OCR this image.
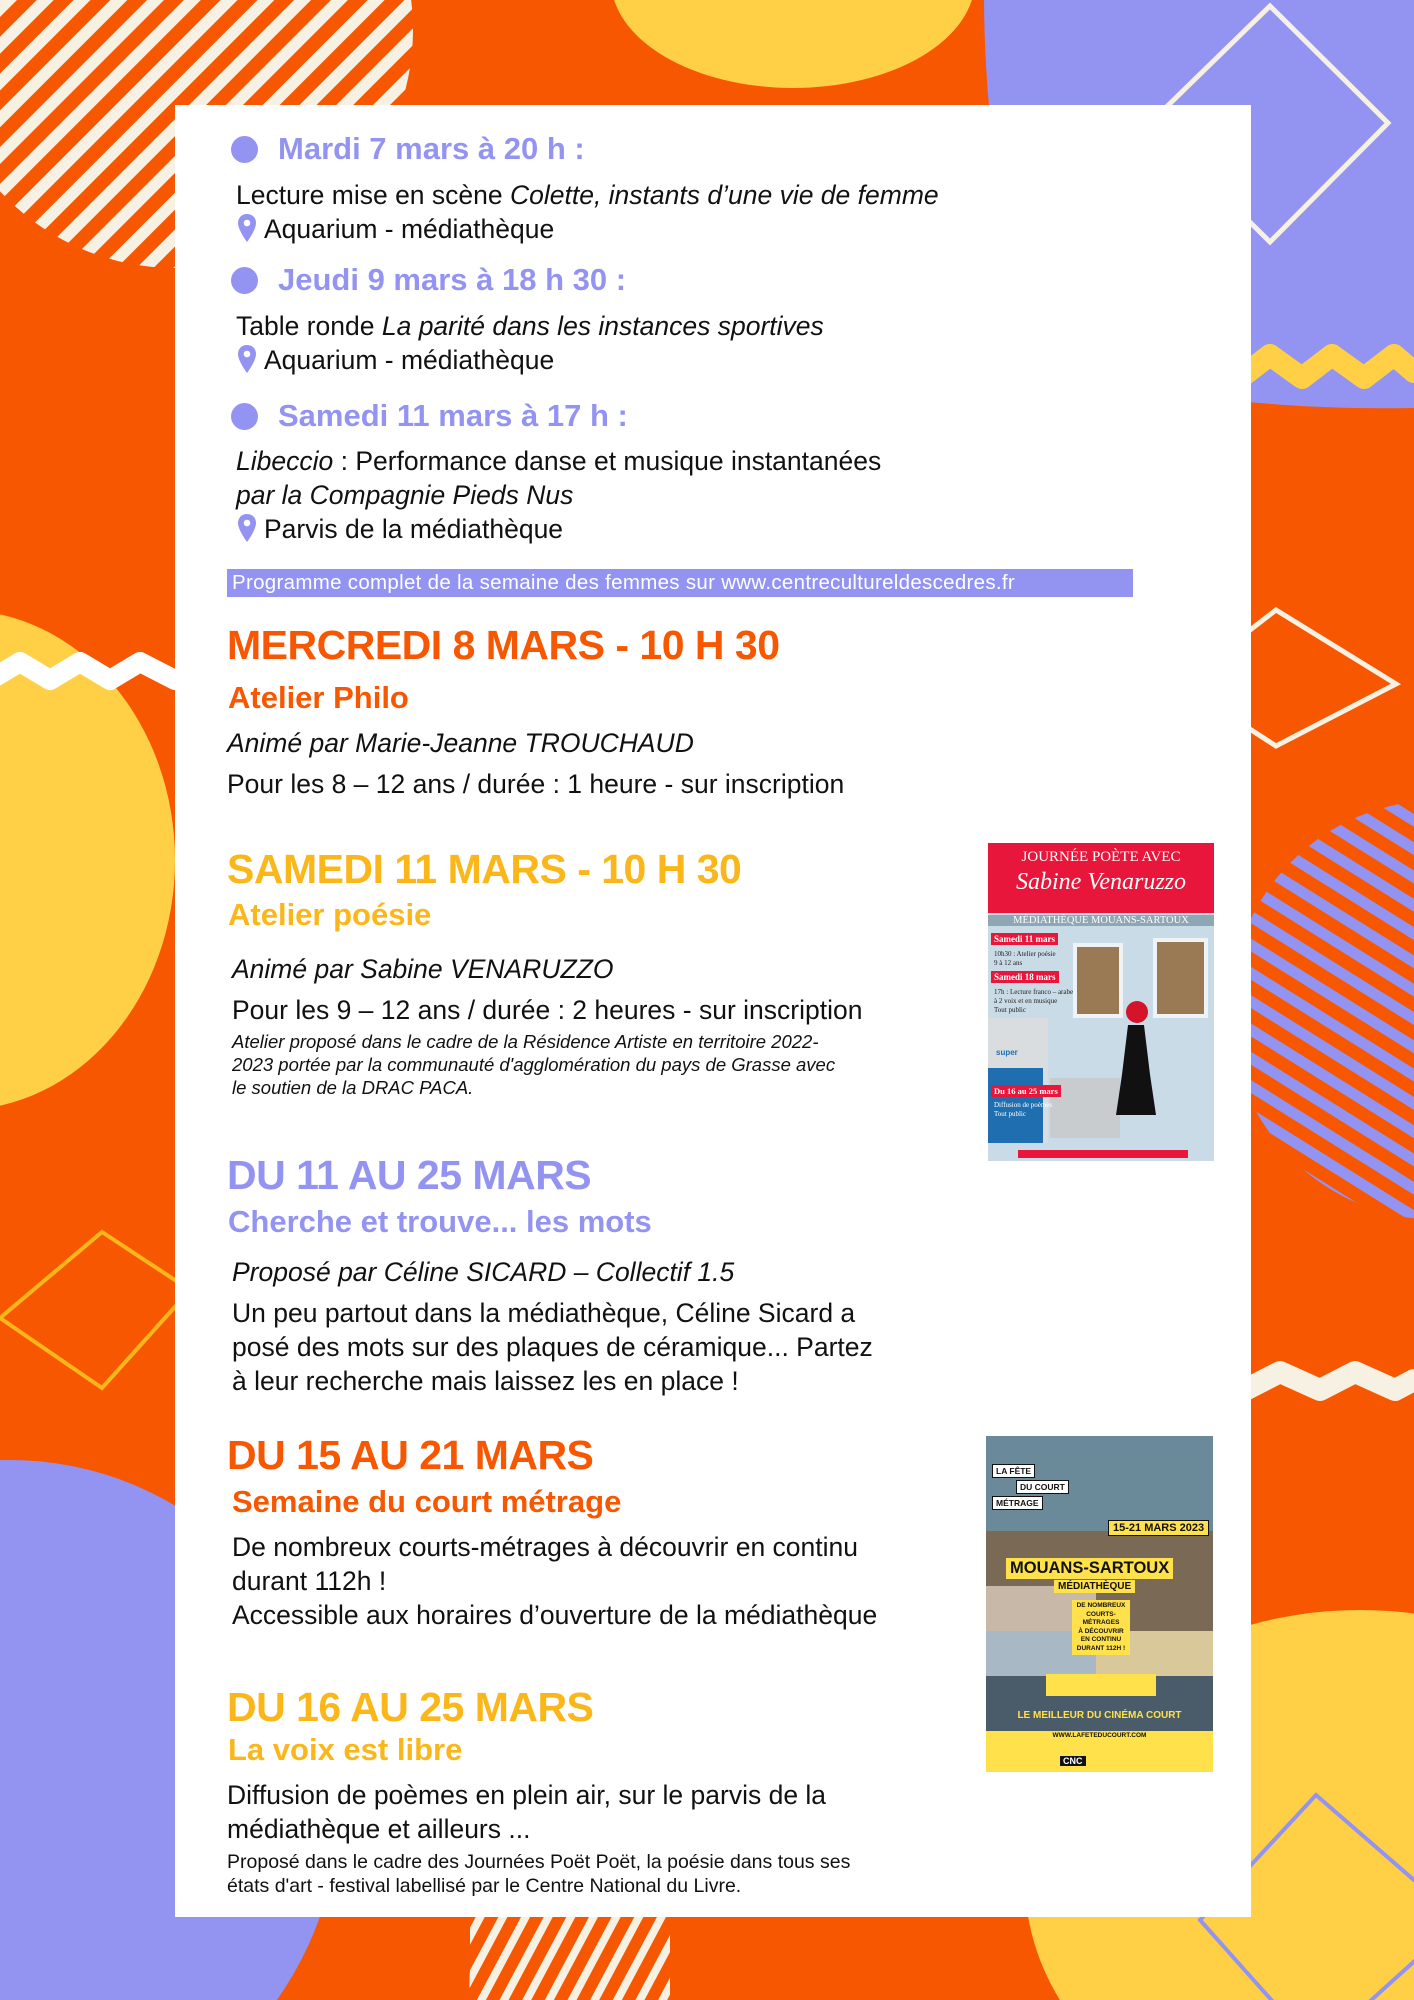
Mardi 7 mars à 20 h :
Lecture mise en scène Colette, instants d’une vie de femme
Aquarium - médiathèque
Jeudi 9 mars à 18 h 30 :
Table ronde La parité dans les instances sportives
Aquarium - médiathèque
Samedi 11 mars à 17 h :
Libeccio : Performance danse et musique instantanées
par la Compagnie Pieds Nus
Parvis de la médiathèque
Programme complet de la semaine des femmes sur www.centrecultureldescedres.fr
MERCREDI 8 MARS - 10 H 30
Atelier Philo
Animé par Marie-Jeanne TROUCHAUD
Pour les 8 – 12 ans / durée : 1 heure - sur inscription
SAMEDI 11 MARS - 10 H 30
Atelier poésie
Animé par Sabine VENARUZZO
Pour les 9 – 12 ans / durée : 2 heures - sur inscription
Atelier proposé dans le cadre de la Résidence Artiste en territoire 2022-
2023 portée par la communauté d'agglomération du pays de Grasse avec
le soutien de la DRAC PACA.
JOURNÉE POÈTE AVEC
Sabine Venaruzzo
MÉDIATHÈQUE MOUANS-SARTOUX
Samedi 11 mars
10h30 : Atelier poésie
9 à 12 ans
Samedi 18 mars
17h : Lecture franco – arabe
à 2 voix et en musique
Tout public
super
Du 16 au 25 mars
Diffusion de poèmes
Tout public
DU 11 AU 25 MARS
Cherche et trouve... les mots
Proposé par Céline SICARD – Collectif 1.5
Un peu partout dans la médiathèque, Céline Sicard a
posé des mots sur des plaques de céramique... Partez
à leur recherche mais laissez les en place !
DU 15 AU 21 MARS
Semaine du court métrage
De nombreux courts-métrages à découvrir en continu
durant 112h !
Accessible aux horaires d’ouverture de la médiathèque
LA FÊTE
DU COURT
MÉTRAGE
15-21 MARS 2023
MOUANS-SARTOUX
MÉDIATHÈQUE
DE NOMBREUX
COURTS-
MÉTRAGES
À DÉCOUVRIR
EN CONTINU
DURANT 112H !
LE MEILLEUR DU CINÉMA COURT
WWW.LAFETEDUCOURT.COM
CNC
DU 16 AU 25 MARS
La voix est libre
Diffusion de poèmes en plein air, sur le parvis de la
médiathèque et ailleurs ...
Proposé dans le cadre des Journées Poët Poët, la poésie dans tous ses
états d'art - festival labellisé par le Centre National du Livre.
